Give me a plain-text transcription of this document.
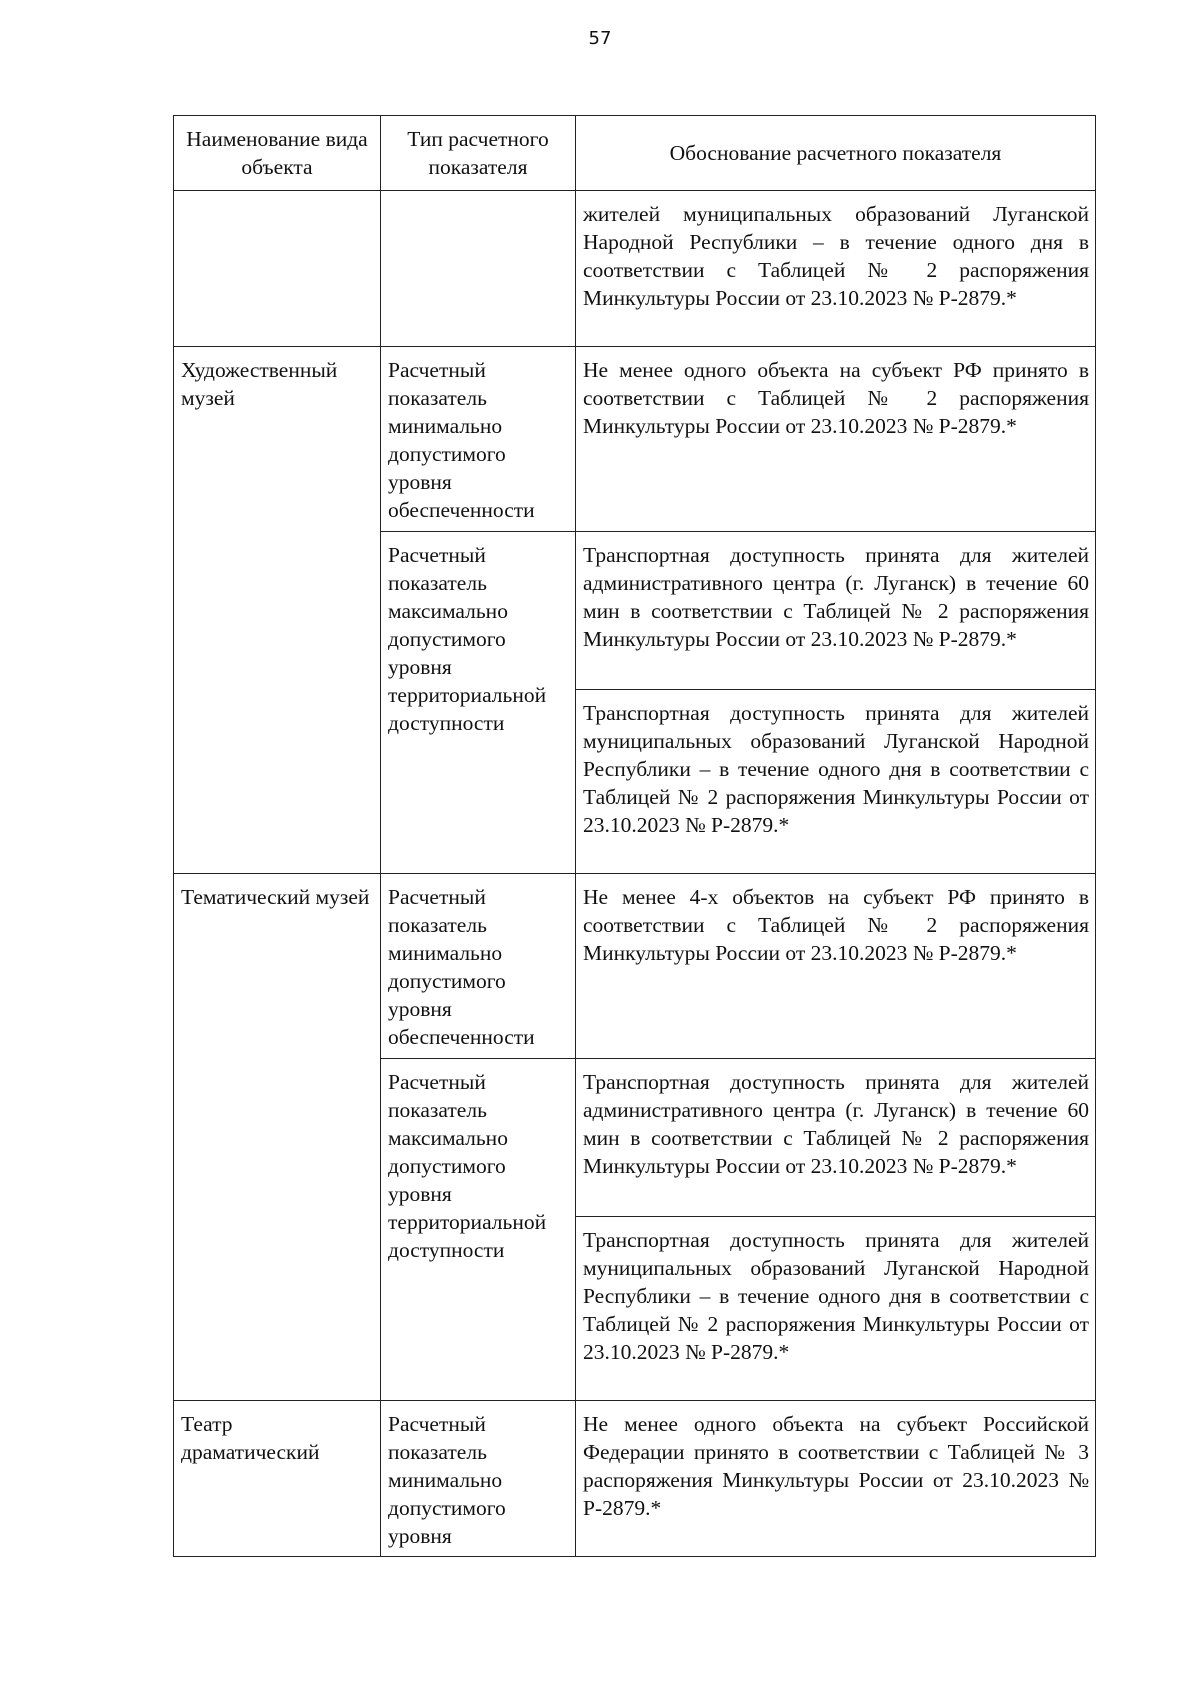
57
Наименование вида объекта	Тип расчетного показателя	Обоснование расчетного показателя
		жителей муниципальных образований Луганской Народной Республики – в течение одного дня в соответствии с Таблицей № 2 распоряжения Минкультуры России от 23.10.2023 № Р-2879.*
Художественный музей	Расчетный показатель минимально допустимого уровня обеспеченности	Не менее одного объекта на субъект РФ принято в соответствии с Таблицей № 2 распоряжения Минкультуры России от 23.10.2023 № Р-2879.*
	Расчетный показатель максимально допустимого уровня территориальной доступности	Транспортная доступность принята для жителей административного центра (г. Луганск) в течение 60 мин в соответствии с Таблицей № 2 распоряжения Минкультуры России от 23.10.2023 № Р-2879.*
		Транспортная доступность принята для жителей муниципальных образований Луганской Народной Республики – в течение одного дня в соответствии с Таблицей № 2 распоряжения Минкультуры России от 23.10.2023 № Р-2879.*
Тематический музей	Расчетный показатель минимально допустимого уровня обеспеченности	Не менее 4-х объектов на субъект РФ принято в соответствии с Таблицей № 2 распоряжения Минкультуры России от 23.10.2023 № Р-2879.*
	Расчетный показатель максимально допустимого уровня территориальной доступности	Транспортная доступность принята для жителей административного центра (г. Луганск) в течение 60 мин в соответствии с Таблицей № 2 распоряжения Минкультуры России от 23.10.2023 № Р-2879.*
		Транспортная доступность принята для жителей муниципальных образований Луганской Народной Республики – в течение одного дня в соответствии с Таблицей № 2 распоряжения Минкультуры России от 23.10.2023 № Р-2879.*
Театр драматический	Расчетный показатель минимально допустимого уровня	Не менее одного объекта на субъект Российской Федерации принято в соответствии с Таблицей № 3 распоряжения Минкультуры России от 23.10.2023 № Р-2879.*
